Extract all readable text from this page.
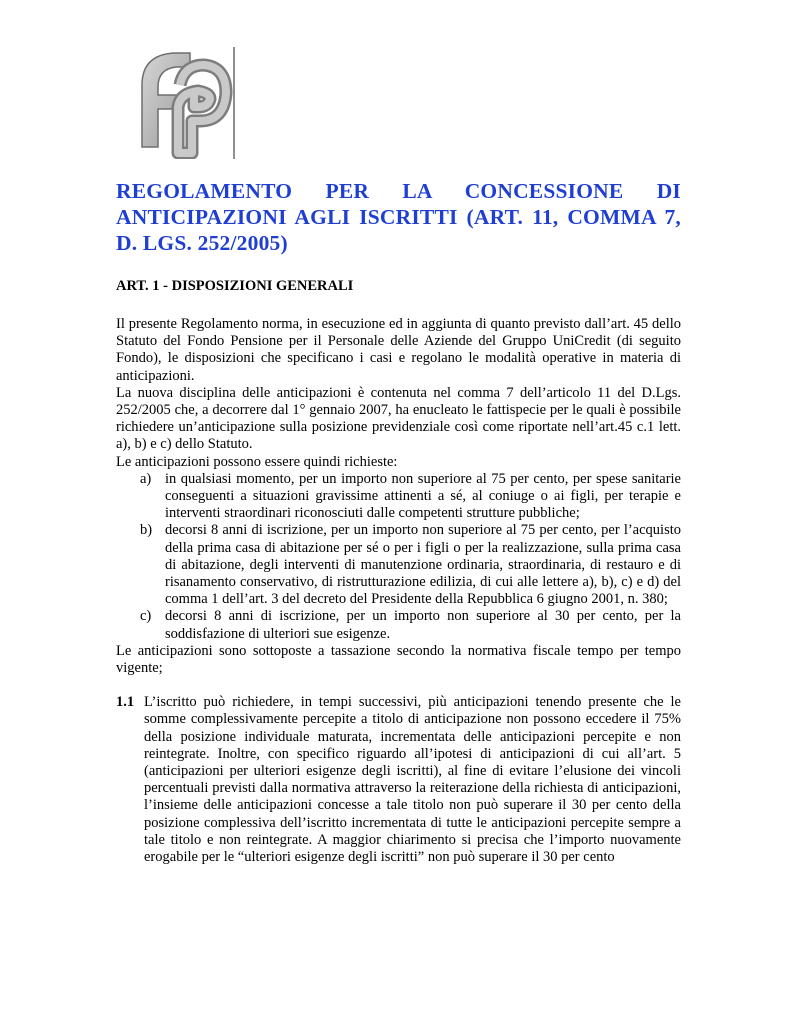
REGOLAMENTO PER LA CONCESSIONE DI ANTICIPAZIONI AGLI ISCRITTI (ART. 11, COMMA 7, D. LGS. 252/2005)
ART. 1 - DISPOSIZIONI GENERALI

Il presente Regolamento norma, in esecuzione ed in aggiunta di quanto previsto dall’art. 45 dello Statuto del Fondo Pensione per il Personale delle Aziende del Gruppo UniCredit (di seguito Fondo), le disposizioni che specificano i casi e regolano le modalità operative in materia di anticipazioni.

La nuova disciplina delle anticipazioni è contenuta nel comma 7 dell’articolo 11 del D.Lgs. 252/2005 che, a decorrere dal 1° gennaio 2007, ha enucleato le fattispecie per le quali è possibile richiedere un’anticipazione sulla posizione previdenziale così come riportate nell’art.45 c.1 lett. a), b) e c) dello Statuto.

Le anticipazioni possono essere quindi richieste:

a) in qualsiasi momento, per un importo non superiore al 75 per cento, per spese sanitarie conseguenti a situazioni gravissime attinenti a sé, al coniuge o ai figli, per terapie e interventi straordinari riconosciuti dalle competenti strutture pubbliche;
b) decorsi 8 anni di iscrizione, per un importo non superiore al 75 per cento, per l’acquisto della prima casa di abitazione per sé o per i figli o per la realizzazione, sulla prima casa di abitazione, degli interventi di manutenzione ordinaria, straordinaria, di restauro e di risanamento conservativo, di ristrutturazione edilizia, di cui alle lettere a), b), c) e d) del comma 1 dell’art. 3 del decreto del Presidente della Repubblica 6 giugno 2001, n. 380;
c) decorsi 8 anni di iscrizione, per un importo non superiore al 30 per cento, per la soddisfazione di ulteriori sue esigenze.

Le anticipazioni sono sottoposte a tassazione secondo la normativa fiscale tempo per tempo vigente;

1.1 L’iscritto può richiedere, in tempi successivi, più anticipazioni tenendo presente che le somme complessivamente percepite a titolo di anticipazione non possono eccedere il 75% della posizione individuale maturata, incrementata delle anticipazioni percepite e non reintegrate. Inoltre, con specifico riguardo all’ipotesi di anticipazioni di cui all’art. 5 (anticipazioni per ulteriori esigenze degli iscritti), al fine di evitare l’elusione dei vincoli percentuali previsti dalla normativa attraverso la reiterazione della richiesta di anticipazioni, l’insieme delle anticipazioni concesse a tale titolo non può superare il 30 per cento della posizione complessiva dell’iscritto incrementata di tutte le anticipazioni percepite sempre a tale titolo e non reintegrate. A maggior chiarimento si precisa che l’importo nuovamente erogabile per le “ulteriori esigenze degli iscritti” non può superare il 30 per cento
